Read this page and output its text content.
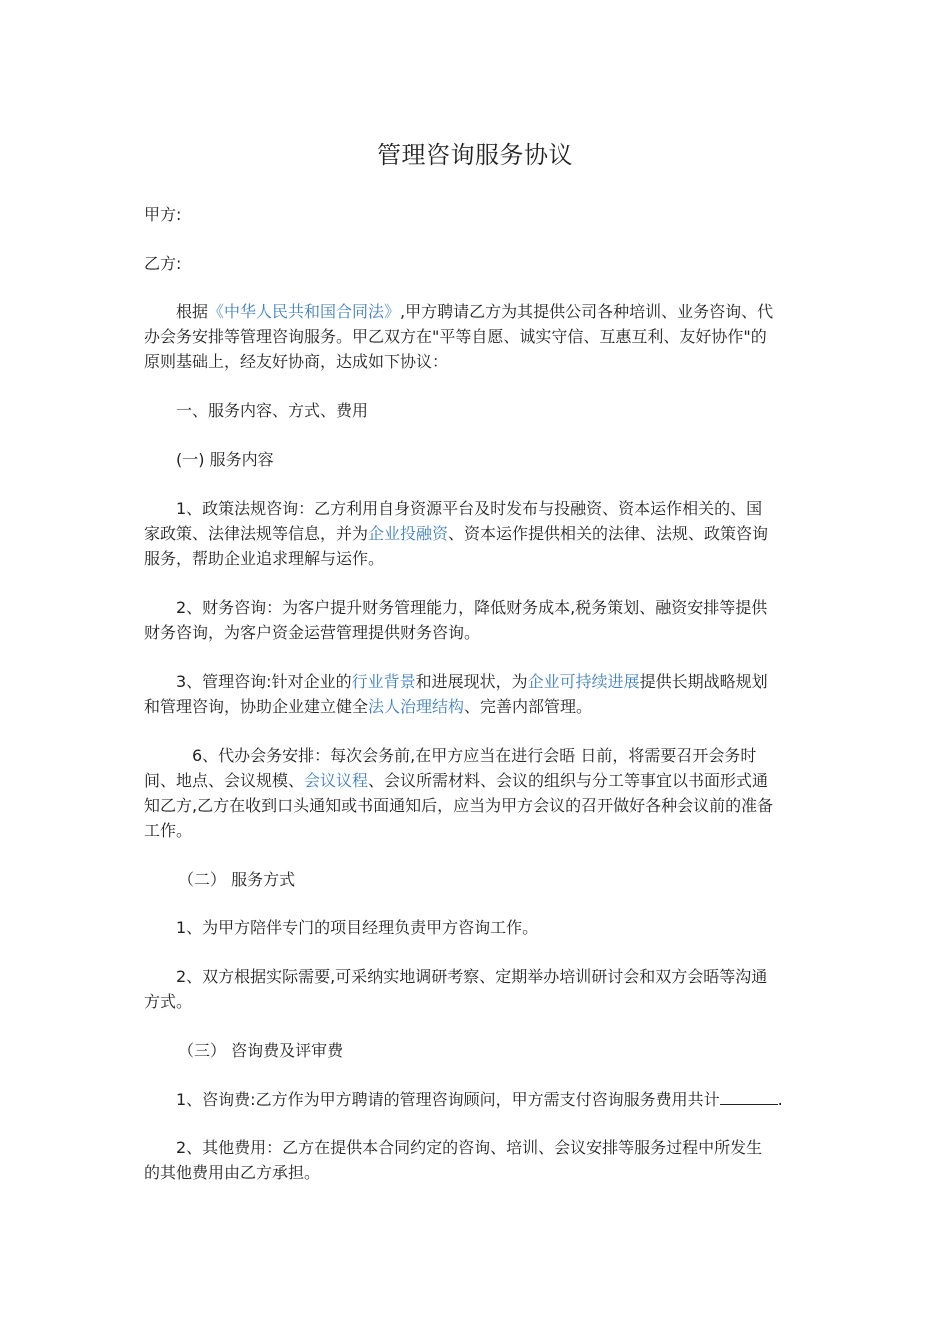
管理咨询服务协议
甲方:
乙方:
根据《中华人民共和国合同法》,甲方聘请乙方为其提供公司各种培训、业务咨询、代
办会务安排等管理咨询服务。甲乙双方在"平等自愿、诚实守信、互惠互利、友好协作"的
原则基础上，经友好协商，达成如下协议：
一、服务内容、方式、费用
(一) 服务内容
1、政策法规咨询：乙方利用自身资源平台及时发布与投融资、资本运作相关的、国
家政策、法律法规等信息，并为企业投融资、资本运作提供相关的法律、法规、政策咨询
服务，帮助企业追求理解与运作。
2、财务咨询：为客户提升财务管理能力，降低财务成本,税务策划、融资安排等提供
财务咨询，为客户资金运营管理提供财务咨询。
3、管理咨询:针对企业的行业背景和进展现状，为企业可持续进展提供长期战略规划
和管理咨询，协助企业建立健全法人治理结构、完善内部管理。
6、代办会务安排：每次会务前,在甲方应当在进行会晤 日前，将需要召开会务时
间、地点、会议规模、会议议程、会议所需材料、会议的组织与分工等事宜以书面形式通
知乙方,乙方在收到口头通知或书面通知后，应当为甲方会议的召开做好各种会议前的准备
工作。
（二） 服务方式
1、为甲方陪伴专门的项目经理负责甲方咨询工作。
2、双方根据实际需要,可采纳实地调研考察、定期举办培训研讨会和双方会晤等沟通
方式。
（三） 咨询费及评审费
1、咨询费:乙方作为甲方聘请的管理咨询顾问，甲方需支付咨询服务费用共计	.
2、其他费用：乙方在提供本合同约定的咨询、培训、会议安排等服务过程中所发生
的其他费用由乙方承担。
